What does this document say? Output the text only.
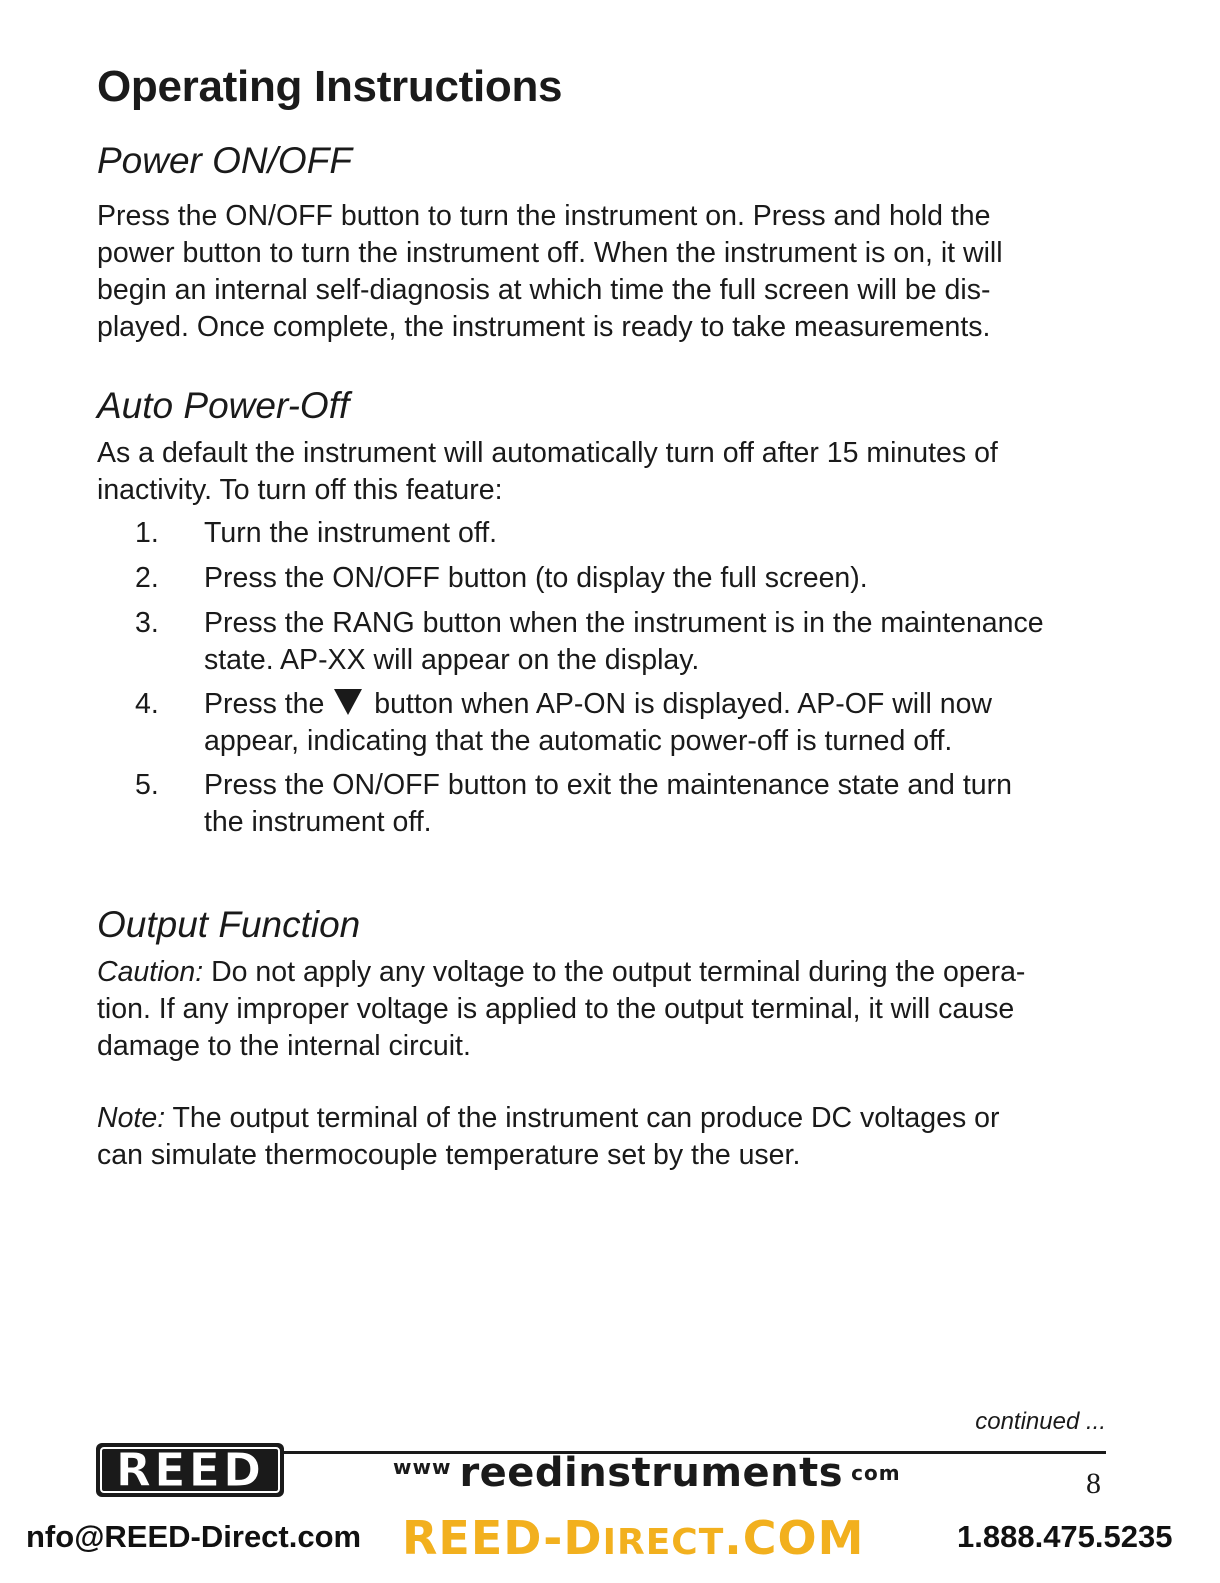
Operating Instructions
Power ON/OFF

Press the ON/OFF button to turn the instrument on. Press and hold the
power button to turn the instrument off. When the instrument is on, it will
begin an internal self-diagnosis at which time the full screen will be dis-
played. Once complete, the instrument is ready to take measurements.

Auto Power-Off

As a default the instrument will automatically turn off after 15 minutes of
inactivity. To turn off this feature:

1. Turn the instrument off.
2. Press the ON/OFF button (to display the full screen).
3. Press the RANG button when the instrument is in the maintenance
state. AP-XX will appear on the display.
4. Press the button when AP-ON is displayed. AP-OF will now
appear, indicating that the automatic power-off is turned off.
5. Press the ON/OFF button to exit the maintenance state and turn
the instrument off.
Output Function

Caution: Do not apply any voltage to the output terminal during the opera-
tion. If any improper voltage is applied to the output terminal, it will cause
damage to the internal circuit.

Note: The output terminal of the instrument can produce DC voltages or
can simulate thermocouple temperature set by the user.

continued ...
REED	www reedinstruments com	8
nfo@REED-Direct.com REED-DIRECT.COM	1.888.475.5235
